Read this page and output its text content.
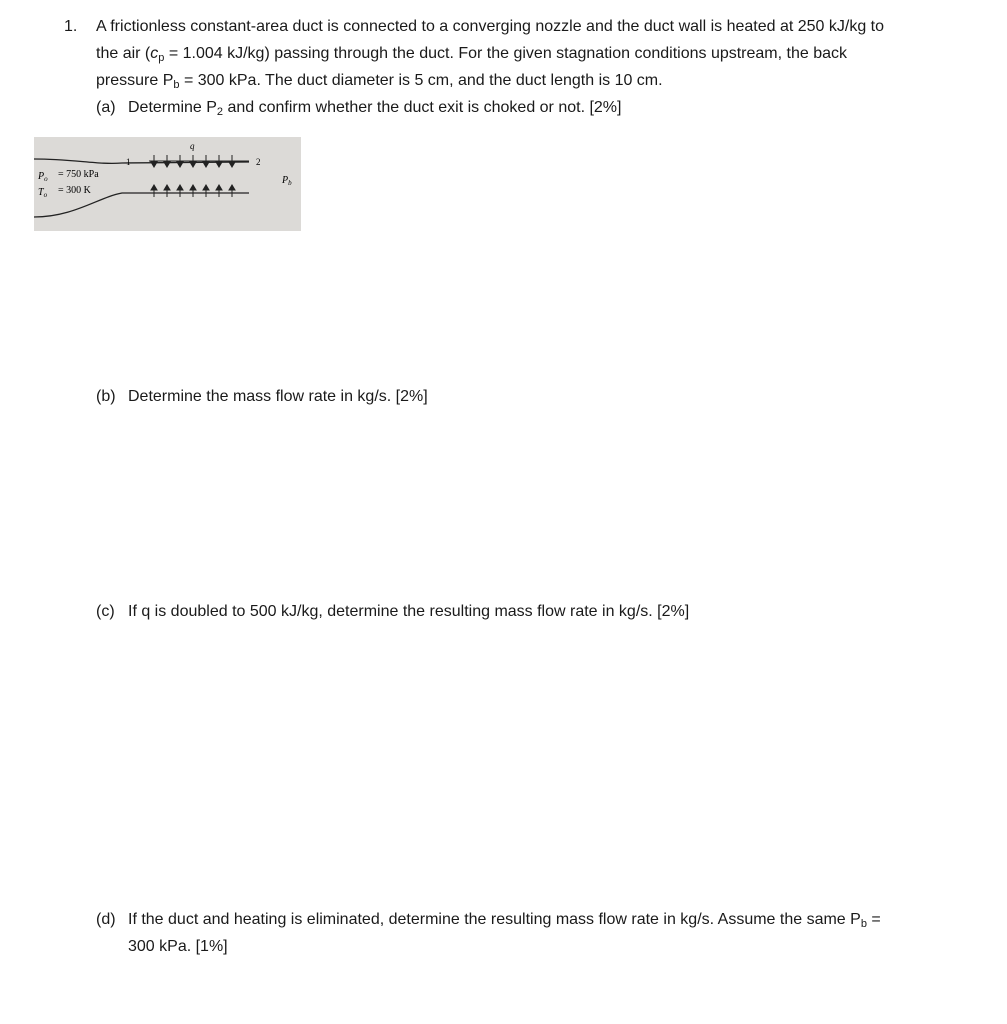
1. A frictionless constant-area duct is connected to a converging nozzle and the duct wall is heated at 250 kJ/kg to

the air ($c_p = 1.004$ kJ/kg) passing through the duct. For the given stagnation conditions upstream, the back

pressure $P_b = 300$ kPa. The duct diameter is 5 cm, and the duct length is 10 cm.

(a) Determine $P_2$ and confirm whether the duct exit is choked or not. [2%]
$P_o = 750$ kPa
$T_o = 300$ K
1	2
q
$P_b$
(b) Determine the mass flow rate in kg/s. [2%]
(c) If q is doubled to 500 kJ/kg, determine the resulting mass flow rate in kg/s. [2%]
(d) If the duct and heating is eliminated, determine the resulting mass flow rate in kg/s. Assume the same $P_b$ =
300 kPa. [1%]
